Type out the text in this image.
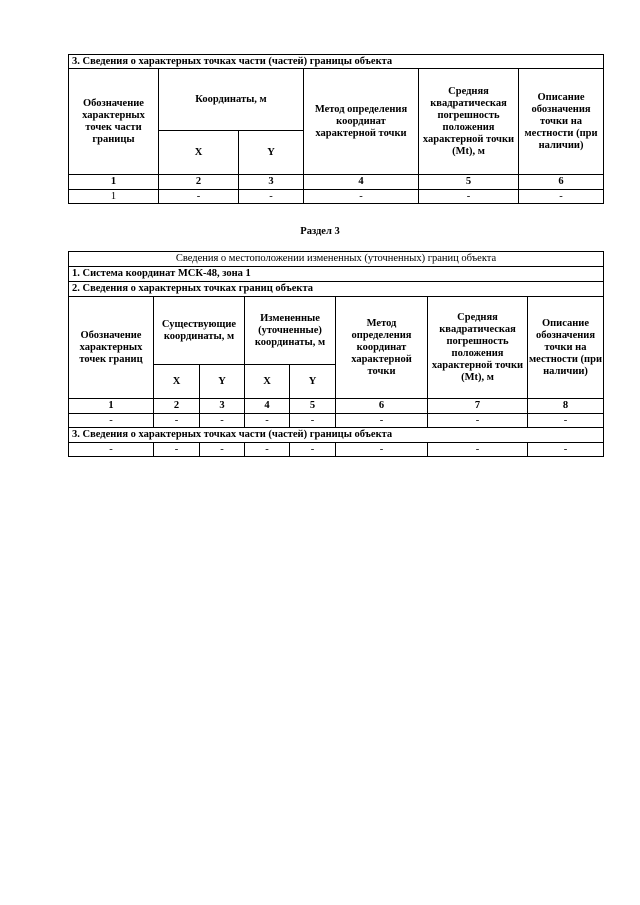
3. Сведения о характерных точках части (частей) границы объекта					
Обозначение характерных точек части границы	Координаты, м		Метод определения координат характерной точки	Средняя квадратическая погрешность положения характерной точки (Mt), м	Описание обозначения точки на местности (при наличии)
	X	Y			
1	2	3	4	5	6
1	-	-	-	-	-
Раздел 3
Сведения о местоположении измененных (уточненных) границ объекта							
1. Система координат МСК-48, зона 1							
2. Сведения о характерных точках границ объекта							
Обозначение характерных точек границ	Существующие координаты, м		Измененные (уточненные) координаты, м		Метод определения координат характерной точки	Средняя квадратическая погрешность положения характерной точки (Mt), м	Описание обозначения точки на местности (при наличии)
	X	Y	X	Y			
1	2	3	4	5	6	7	8
-	-	-	-	-	-	-	-
3. Сведения о характерных точках части (частей) границы объекта							
-	-	-	-	-	-	-	-
